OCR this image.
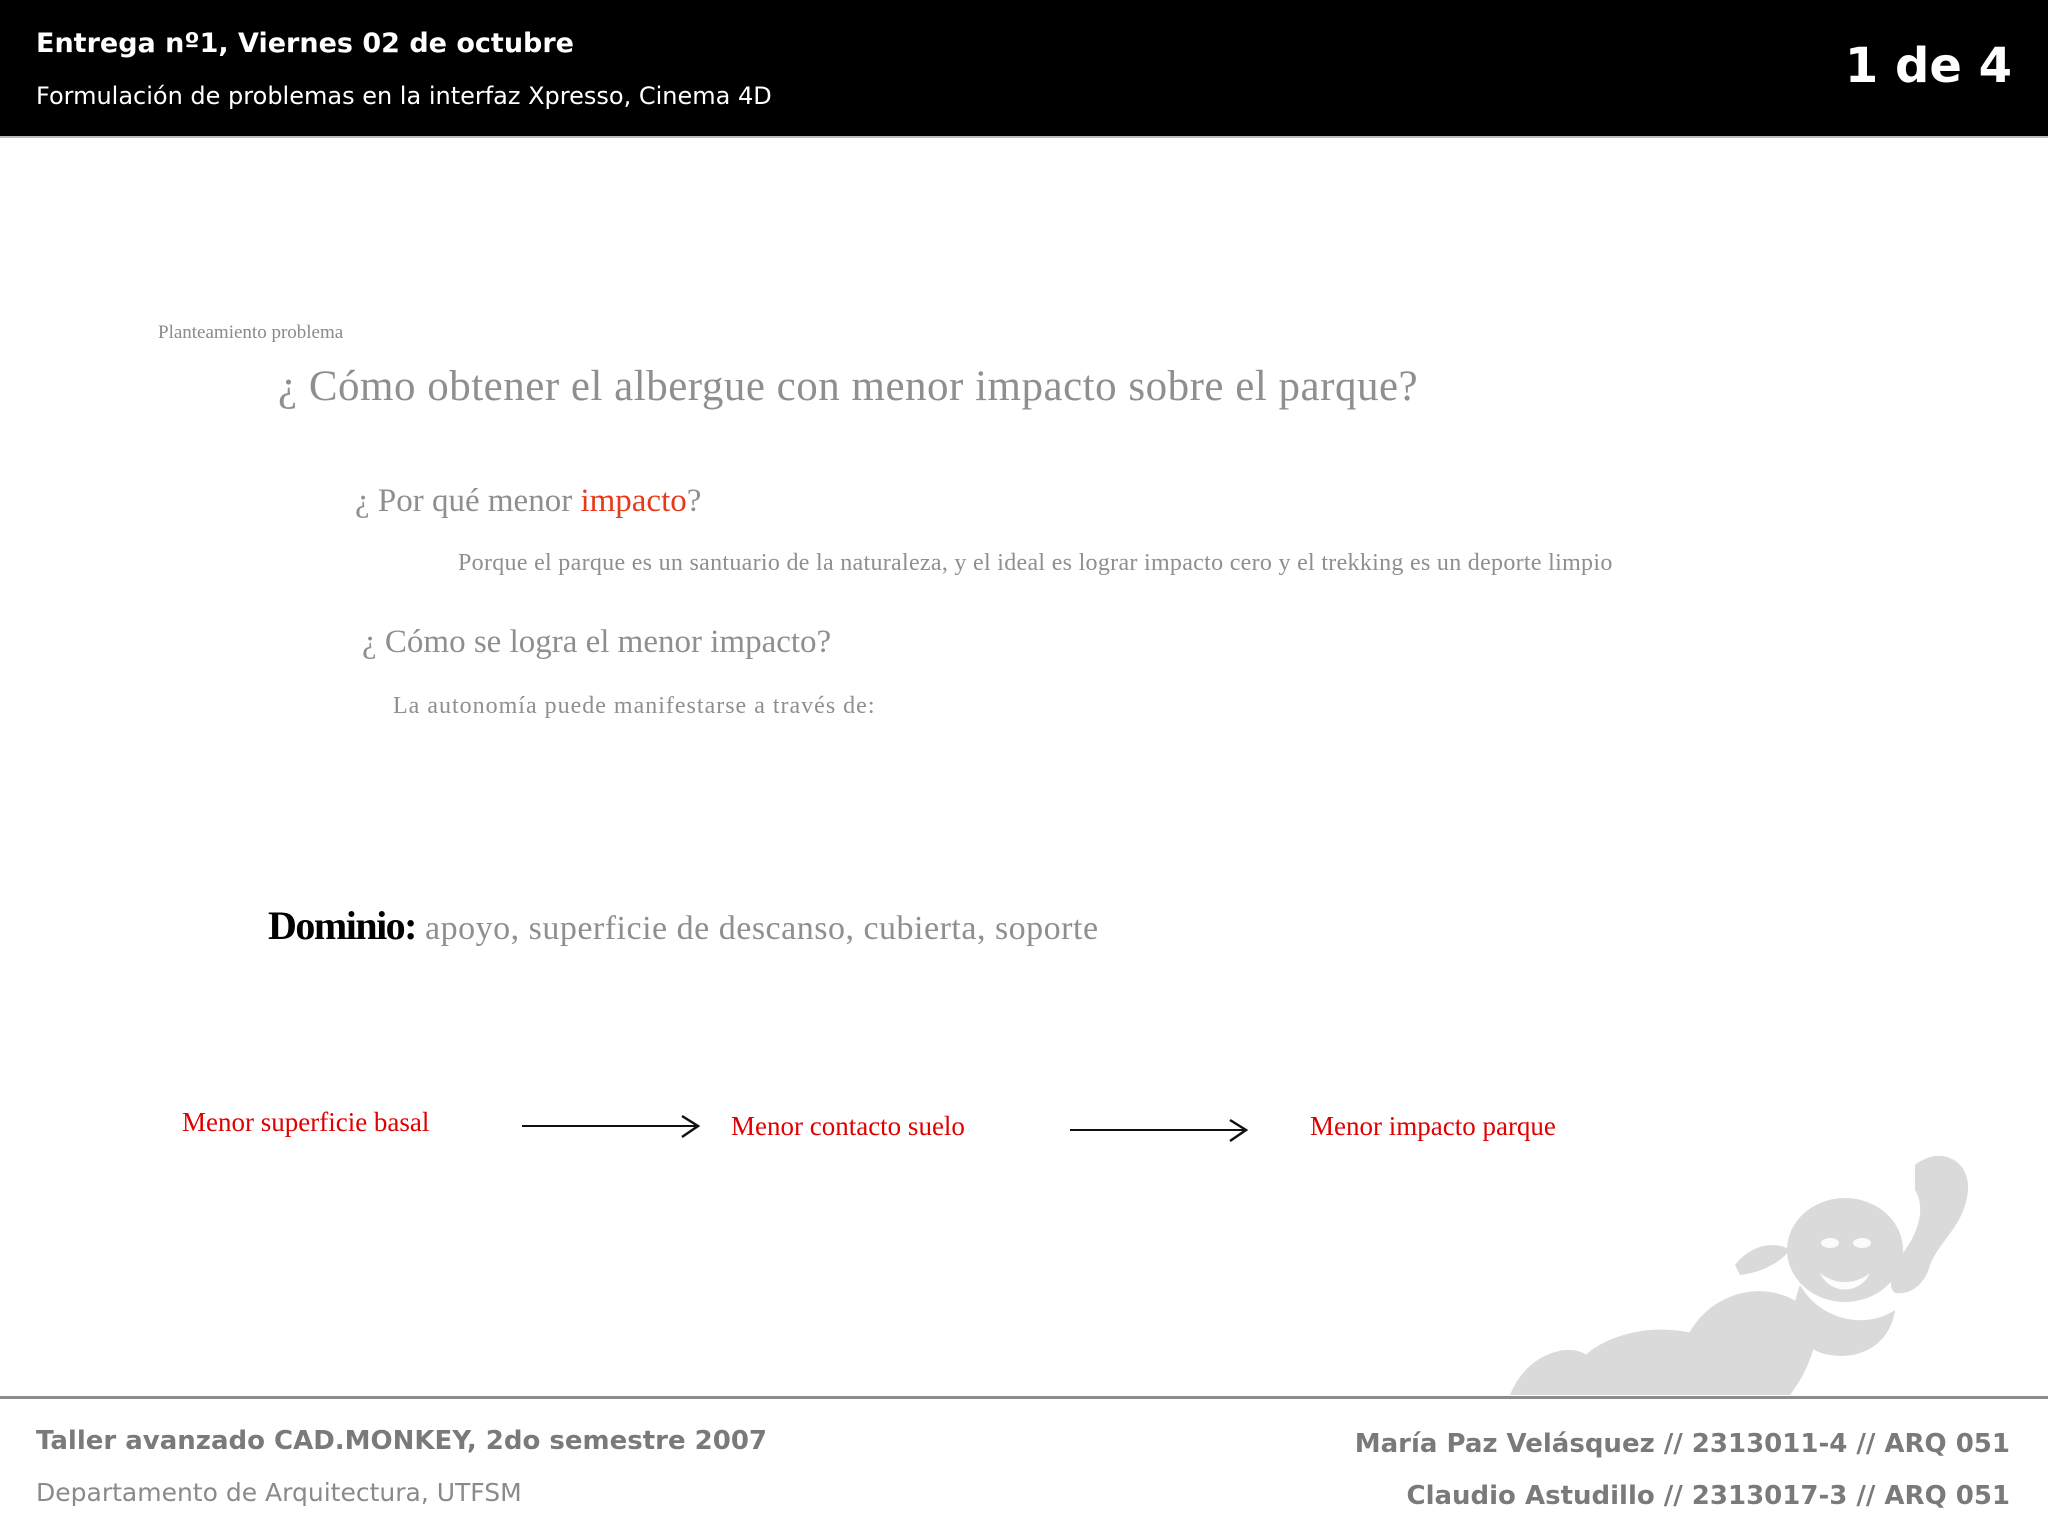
Entrega nº1, Viernes 02 de octubre
Formulación de problemas en la interfaz Xpresso, Cinema 4D
1 de 4
Planteamiento problema
¿ Cómo obtener el albergue con menor impacto sobre el parque?
¿ Por qué menor impacto?
Porque el parque es un santuario de la naturaleza, y el ideal es lograr impacto cero y el trekking es un deporte limpio
¿ Cómo se logra el menor impacto?
La autonomía puede manifestarse a través de:
Dominio: apoyo, superficie de descanso, cubierta, soporte
Menor superficie basal	Menor contacto suelo	Menor impacto parque
Taller avanzado CAD.MONKEY, 2do semestre 2007
Departamento de Arquitectura, UTFSM
María Paz Velásquez // 2313011-4 // ARQ 051
Claudio Astudillo // 2313017-3 // ARQ 051
